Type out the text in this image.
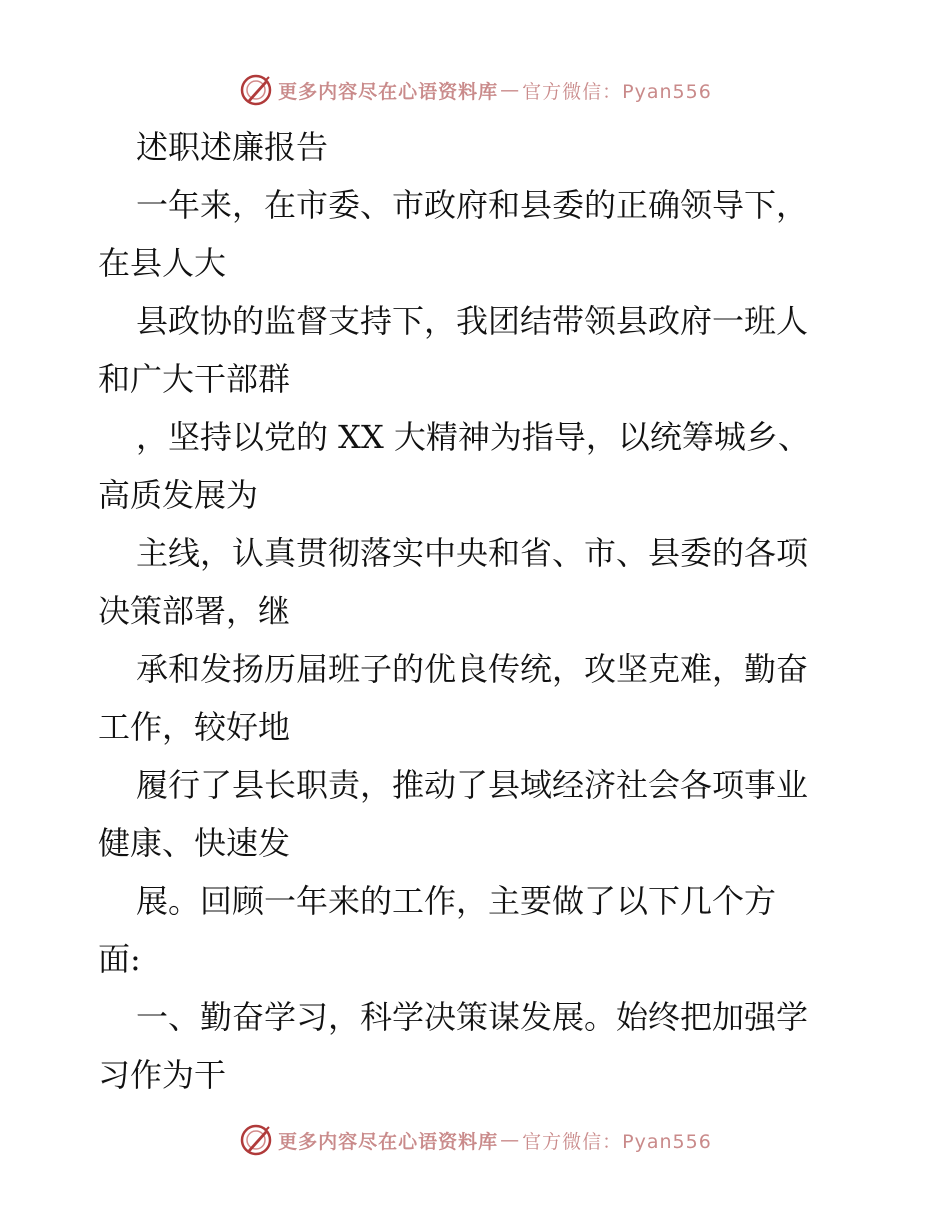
更多内容尽在心语资料库 — 官方微信：Pyan556
述职述廉报告
一年来，在市委、市政府和县委的正确领导下，
在县人大
县政协的监督支持下，我团结带领县政府一班人
和广大干部群
，坚持以党的 XX 大精神为指导，以统筹城乡、
高质发展为
主线，认真贯彻落实中央和省、市、县委的各项
决策部署，继
承和发扬历届班子的优良传统，攻坚克难，勤奋
工作，较好地
履行了县长职责，推动了县域经济社会各项事业
健康、快速发
展。回顾一年来的工作，主要做了以下几个方
面:
一、勤奋学习，科学决策谋发展。始终把加强学
习作为干
更多内容尽在心语资料库 — 官方微信：Pyan556
